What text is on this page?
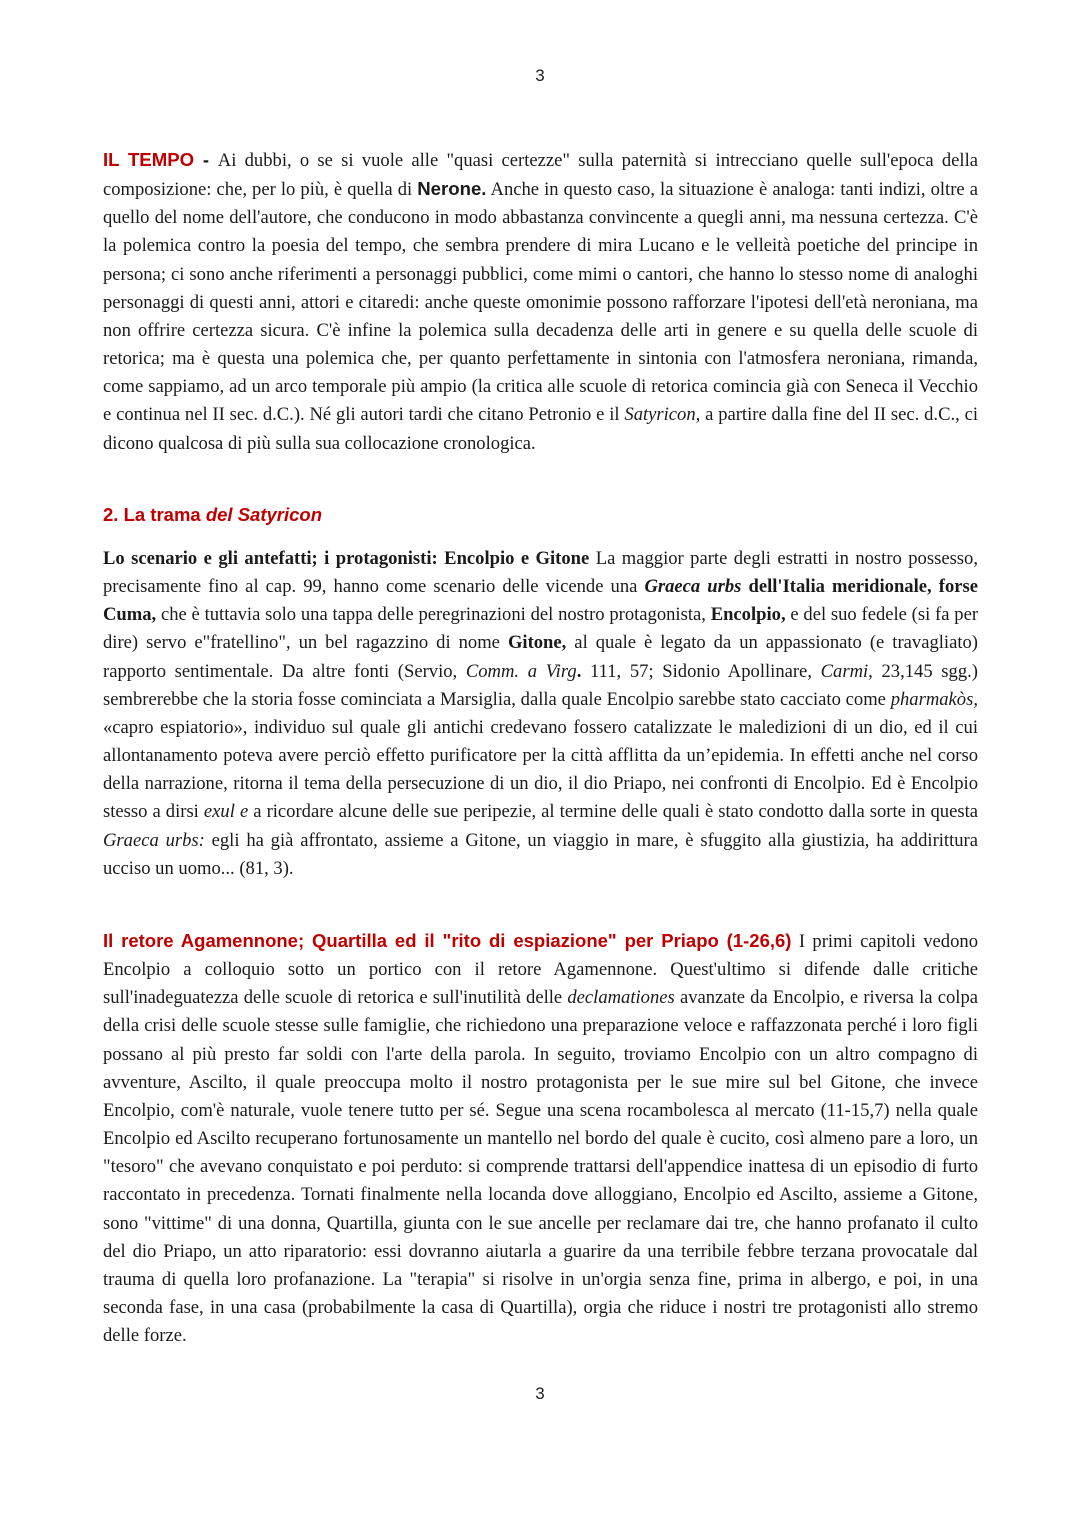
3

IL TEMPO - Ai dubbi, o se si vuole alle "quasi certezze" sulla paternità si intrecciano quelle sull'epoca della composizione: che, per lo più, è quella di Nerone. Anche in questo caso, la situazione è analoga: tanti indizi, oltre a quello del nome dell'autore, che conducono in modo abbastanza convincente a quegli anni, ma nessuna certezza. C'è la polemica contro la poesia del tempo, che sembra prendere di mira Lucano e le velleità poetiche del principe in persona; ci sono anche riferimenti a personaggi pubblici, come mimi o cantori, che hanno lo stesso nome di analoghi personaggi di questi anni, attori e citaredi: anche queste omonimie possono rafforzare l'ipotesi dell'età neroniana, ma non offrire certezza sicura. C'è infine la polemica sulla decadenza delle arti in genere e su quella delle scuole di retorica; ma è questa una polemica che, per quanto perfettamente in sintonia con l'atmosfera neroniana, rimanda, come sappiamo, ad un arco temporale più ampio (la critica alle scuole di retorica comincia già con Seneca il Vecchio e continua nel II sec. d.C.). Né gli autori tardi che citano Petronio e il Satyricon, a partire dalla fine del II sec. d.C., ci dicono qualcosa di più sulla sua collocazione cronologica.

2. La trama del Satyricon

Lo scenario e gli antefatti; i protagonisti: Encolpio e Gitone La maggior parte degli estratti in nostro possesso, precisamente fino al cap. 99, hanno come scenario delle vicende una Graeca urbs dell'Italia meridionale, forse Cuma, che è tuttavia solo una tappa delle peregrinazioni del nostro protagonista, Encolpio, e del suo fedele (si fa per dire) servo e"fratellino", un bel ragazzino di nome Gitone, al quale è legato da un appassionato (e travagliato) rapporto sentimentale. Da altre fonti (Servio, Comm. a Virg. 111, 57; Sidonio Apollinare, Carmi, 23,145 sgg.) sembrerebbe che la storia fosse cominciata a Marsiglia, dalla quale Encolpio sarebbe stato cacciato come pharmakòs, «capro espiatorio», individuo sul quale gli antichi credevano fossero catalizzate le maledizioni di un dio, ed il cui allontanamento poteva avere perciò effetto purificatore per la città afflitta da un’epidemia. In effetti anche nel corso della narrazione, ritorna il tema della persecuzione di un dio, il dio Priapo, nei confronti di Encolpio. Ed è Encolpio stesso a dirsi exul e a ricordare alcune delle sue peripezie, al termine delle quali è stato condotto dalla sorte in questa Graeca urbs: egli ha già affrontato, assieme a Gitone, un viaggio in mare, è sfuggito alla giustizia, ha addirittura ucciso un uomo... (81, 3).

Il retore Agamennone; Quartilla ed il "rito di espiazione" per Priapo (1-26,6) I primi capitoli vedono Encolpio a colloquio sotto un portico con il retore Agamennone. Quest'ultimo si difende dalle critiche sull'inadeguatezza delle scuole di retorica e sull'inutilità delle declamationes avanzate da Encolpio, e riversa la colpa della crisi delle scuole stesse sulle famiglie, che richiedono una preparazione veloce e raffazzonata perché i loro figli possano al più presto far soldi con l'arte della parola. In seguito, troviamo Encolpio con un altro compagno di avventure, Ascilto, il quale preoccupa molto il nostro protagonista per le sue mire sul bel Gitone, che invece Encolpio, com'è naturale, vuole tenere tutto per sé. Segue una scena rocambolesca al mercato (11-15,7) nella quale Encolpio ed Ascilto recuperano fortunosamente un mantello nel bordo del quale è cucito, così almeno pare a loro, un "tesoro" che avevano conquistato e poi perduto: si comprende trattarsi dell'appendice inattesa di un episodio di furto raccontato in precedenza. Tornati finalmente nella locanda dove alloggiano, Encolpio ed Ascilto, assieme a Gitone, sono "vittime" di una donna, Quartilla, giunta con le sue ancelle per reclamare dai tre, che hanno profanato il culto del dio Priapo, un atto riparatorio: essi dovranno aiutarla a guarire da una terribile febbre terzana provocatale dal trauma di quella loro profanazione. La "terapia" si risolve in un'orgia senza fine, prima in albergo, e poi, in una seconda fase, in una casa (probabilmente la casa di Quartilla), orgia che riduce i nostri tre protagonisti allo stremo delle forze.

3
